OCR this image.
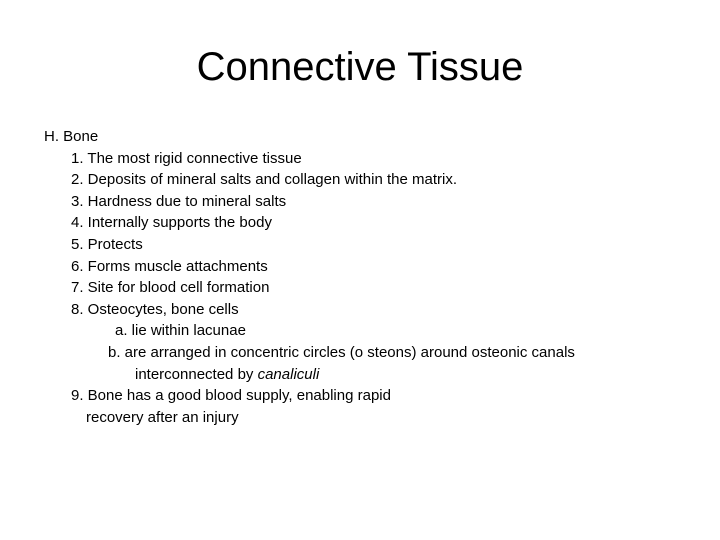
Connective Tissue
H. Bone
1. The most rigid connective tissue
2. Deposits of mineral salts and collagen within the matrix.
3. Hardness due to mineral salts
4. Internally supports the body
5. Protects
6. Forms muscle attachments
7. Site for blood cell formation
8. Osteocytes, bone cells
a. lie within lacunae
b. are arranged in concentric circles (o steons) around osteonic canals
interconnected by canaliculi
9. Bone has a good blood supply, enabling rapid
recovery after an injury
